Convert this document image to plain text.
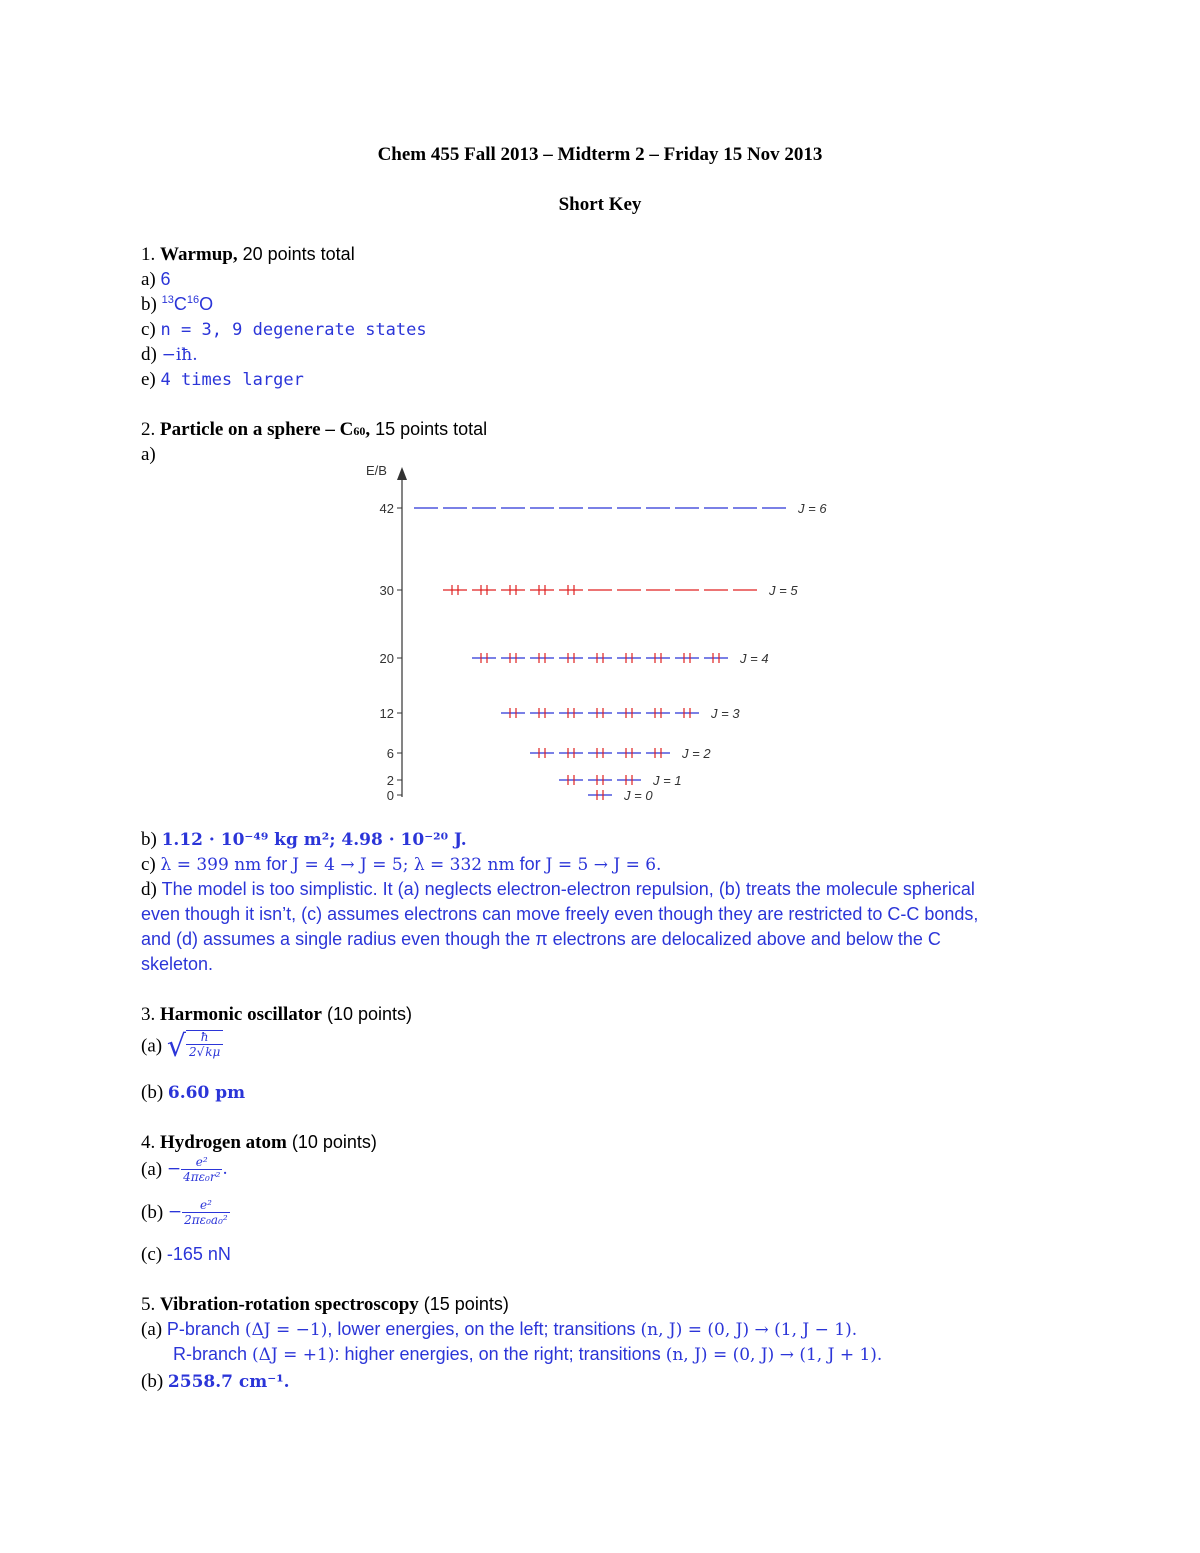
Chem 455 Fall 2013 – Midterm 2 – Friday 15 Nov 2013
Short Key
1. Warmup, 20 points total
a) 6
b) $^{13}C^{16}O$
c) n = 3, 9 degenerate states
d) −iħ.
e) 4 times larger
2. Particle on a sphere – C60, 15 points total
a)
E/B
42
30
20
12
6
2
0
J = 6
J = 5
J = 4
J = 3
J = 2
J = 1
J = 0
b) 1.12 · 10⁻⁴⁹ kg m²; 4.98 · 10⁻²⁰ J.
c) λ = 399 nm for J = 4 → J = 5; λ = 332 nm for J = 5 → J = 6.
d) The model is too simplistic. It (a) neglects electron-electron repulsion, (b) treats the molecule spherical
even though it isn’t, (c) assumes electrons can move freely even though they are restricted to C-C bonds,
and (d) assumes a single radius even though the π electrons are delocalized above and below the C
skeleton.
3. Harmonic oscillator (10 points)
(a) √ $\frac{ħ}{2√k\mu}$
(b) 6.60 pm
4. Hydrogen atom (10 points)
$(a) - \frac{\text{e²}}{\text{4πε₀r²}}$ .
$(b) - \frac{\text{e²}}{\text{2πε₀a₀²}}$
(c) -165 nN
5. Vibration-rotation spectroscopy (15 points)
(a) P-branch (ΔJ = −1), lower energies, on the left; transitions (n, J) = (0, J) → (1, J − 1).
R-branch (ΔJ = +1): higher energies, on the right; transitions (n, J) = (0, J) → (1, J + 1).
(b) 2558.7 cm⁻¹.
